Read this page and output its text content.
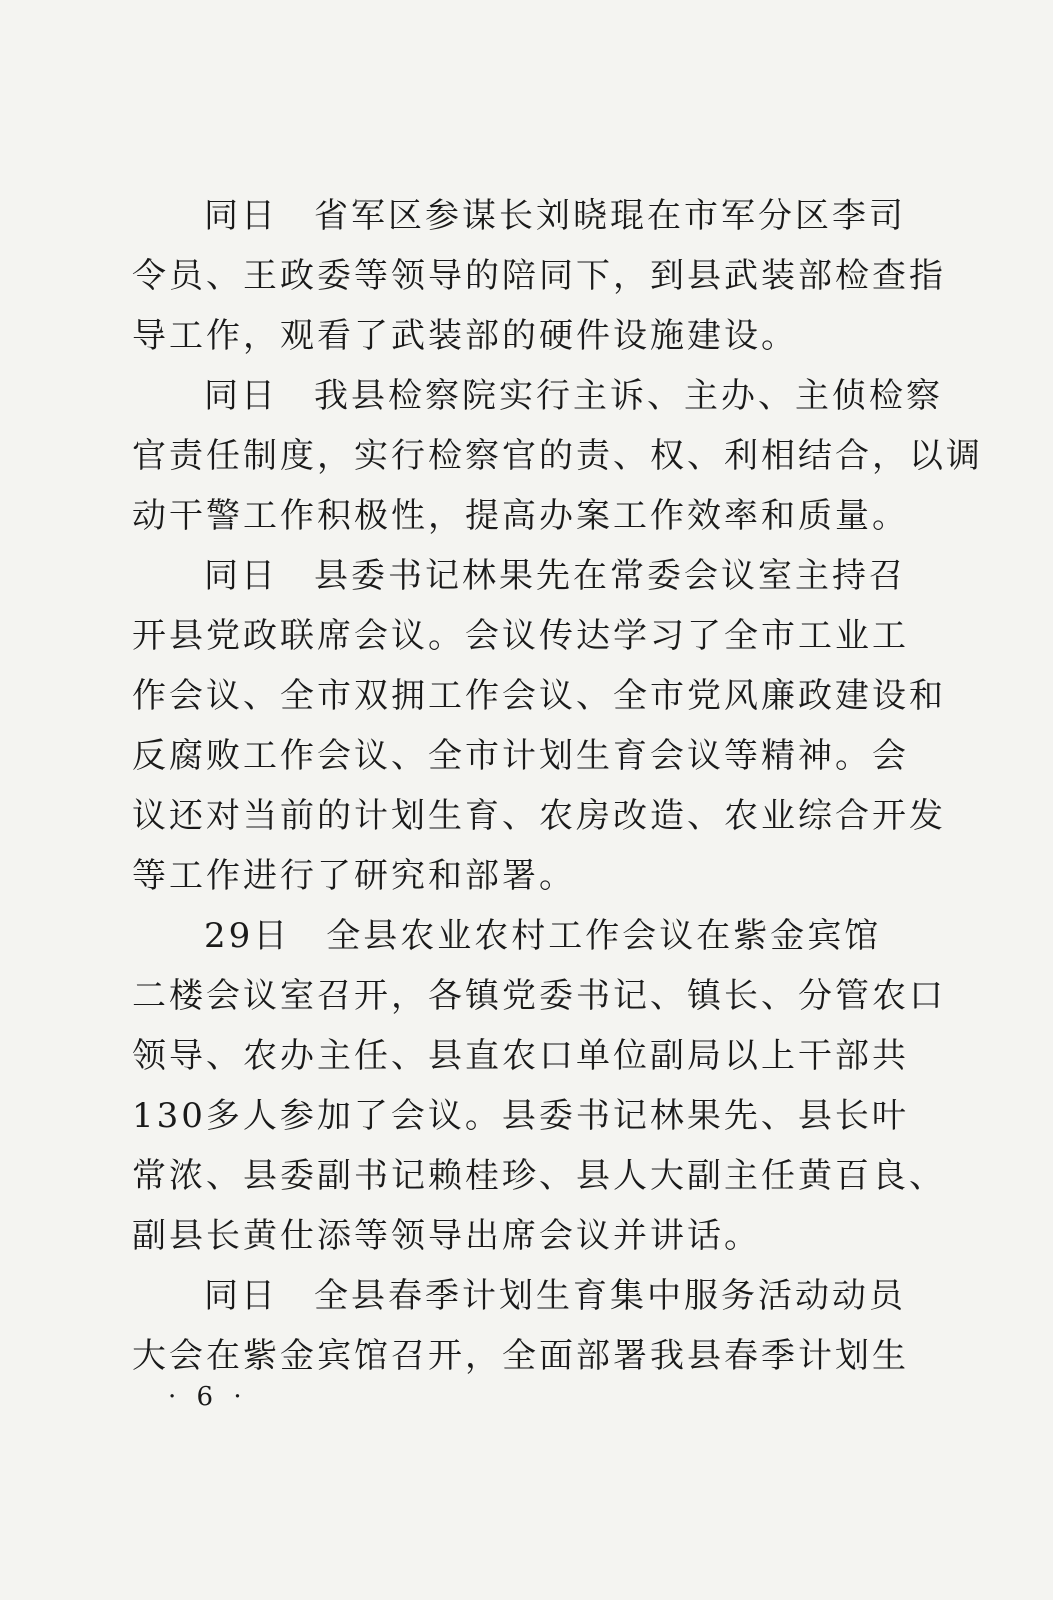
同日 省军区参谋长刘晓琨在市军分区李司
令员、王政委等领导的陪同下，到县武装部检查指
导工作，观看了武装部的硬件设施建设。
同日 我县检察院实行主诉、主办、主侦检察
官责任制度，实行检察官的责、权、利相结合，以调
动干警工作积极性，提高办案工作效率和质量。
同日 县委书记林果先在常委会议室主持召
开县党政联席会议。会议传达学习了全市工业工
作会议、全市双拥工作会议、全市党风廉政建设和
反腐败工作会议、全市计划生育会议等精神。会
议还对当前的计划生育、农房改造、农业综合开发
等工作进行了研究和部署。
29日 全县农业农村工作会议在紫金宾馆
二楼会议室召开，各镇党委书记、镇长、分管农口
领导、农办主任、县直农口单位副局以上干部共
130多人参加了会议。县委书记林果先、县长叶
常浓、县委副书记赖桂珍、县人大副主任黄百良、
副县长黄仕添等领导出席会议并讲话。
同日 全县春季计划生育集中服务活动动员
大会在紫金宾馆召开，全面部署我县春季计划生
· 6 ·
